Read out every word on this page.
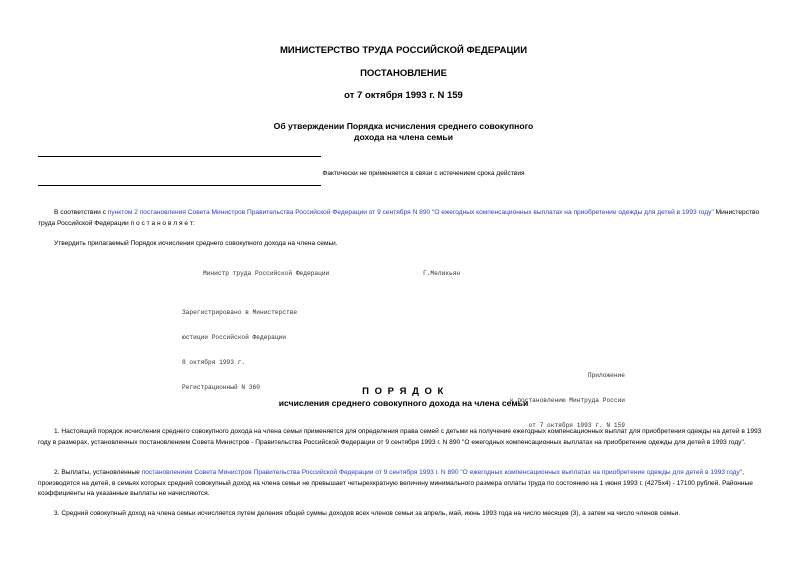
МИНИСТЕРСТВО ТРУДА РОССИЙСКОЙ ФЕДЕРАЦИИ
ПОСТАНОВЛЕНИЕ
от 7 октября 1993 г. N 159
Об утверждении Порядка исчисления среднего совокупного
дохода на члена семьи
Фактически не применяется в связи с истечением срока действия
В соответствии с пунктом 2 постановления Совета Министров Правительства Российской Федерации от 9 сентября N 890 "О ежегодных компенсационных выплатах на приобретение одежды для детей в 1993 году" Министерство труда Российской Федерации п о с т а н о в л я е т:
Утвердить прилагаемый Порядок исчисления среднего совокупного дохода на члена семьи.
Министр труда Российской Федерации	Г.Меликьян

Зарегистрировано в Министерстве

юстиции Российской Федерации

8 октября 1993 г.

Регистрационный N 360

Приложение

к постановлению Минтруда России

от 7 октября 1993 г. N 159

П О Р Я Д О К
исчисления среднего совокупного дохода на члена семьи
1. Настоящий порядок исчисления среднего совокупного дохода на члена семьи применяется для определения права семей с детьми на получение ежегодных компенсационных выплат для приобретения одежды на детей в 1993 году в размерах, установленных постановлением Совета Министров - Правительства Российской Федерации от 9 сентября 1993 г. N 890 "О ежегодных компенсационных выплатах на приобретение одежды для детей в 1993 году".
2. Выплаты, установленные постановлением Совета Министров Правительства Российской Федерации от 9 сентября 1993 г. N 890 "О ежегодных компенсационных выплатах на приобретение одежды для детей в 1993 году", производятся на детей, в семьях которых средний совокупный доход на члена семьи не превышает четырехкратную величину минимального размера оплаты труда по состоянию на 1 июня 1993 г. (4275х4) - 17100 рублей. Районные коэффициенты на указанные выплаты не начисляются.
3. Средний совокупный доход на члена семьи исчисляется путем деления общей суммы доходов всех членов семьи за апрель, май, июнь 1993 года на число месяцев (3), а затем на число членов семьи.
